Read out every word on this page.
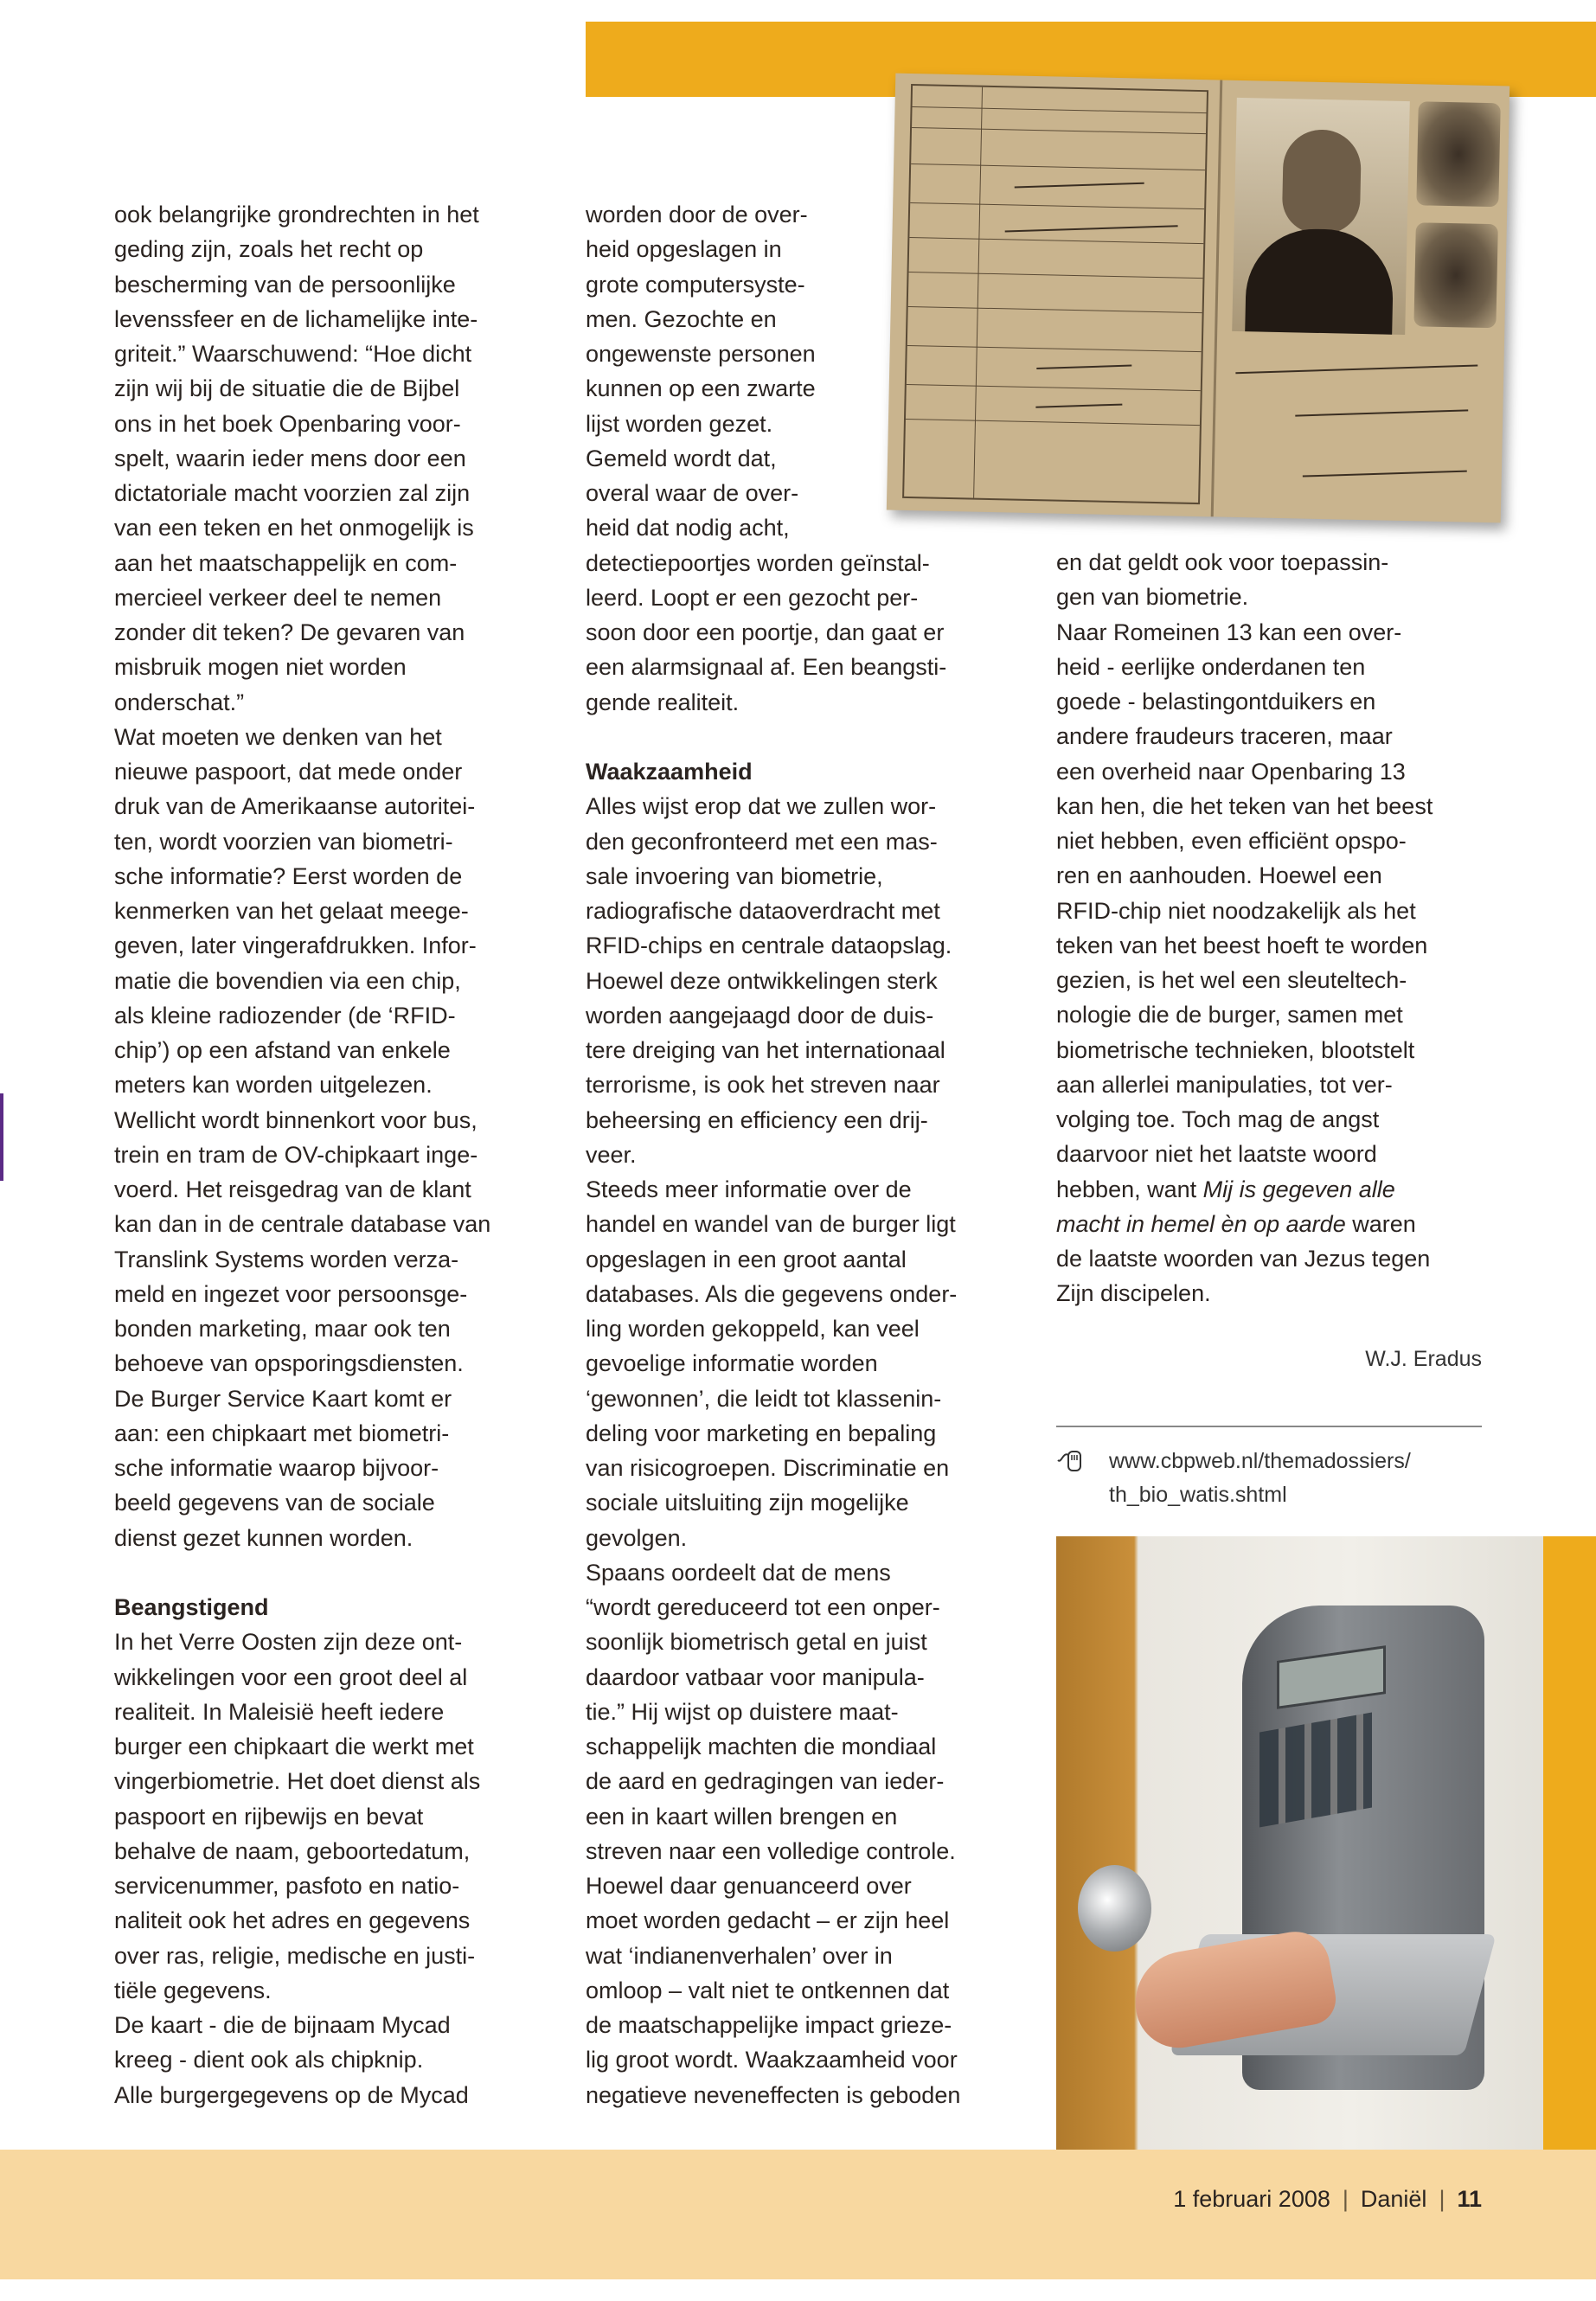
ook belangrijke grondrechten in het
geding zijn, zoals het recht op
bescherming van de persoonlijke
levenssfeer en de lichamelijke inte-
griteit.” Waarschuwend: “Hoe dicht
zijn wij bij de situatie die de Bijbel
ons in het boek Openbaring voor-
spelt, waarin ieder mens door een
dictatoriale macht voorzien zal zijn
van een teken en het onmogelijk is
aan het maatschappelijk en com-
mercieel verkeer deel te nemen
zonder dit teken? De gevaren van
misbruik mogen niet worden
onderschat.”
Wat moeten we denken van het
nieuwe paspoort, dat mede onder
druk van de Amerikaanse autoritei-
ten, wordt voorzien van biometri-
sche informatie? Eerst worden de
kenmerken van het gelaat meege-
geven, later vingerafdrukken. Infor-
matie die bovendien via een chip,
als kleine radiozender (de ‘RFID-
chip’) op een afstand van enkele
meters kan worden uitgelezen.
Wellicht wordt binnenkort voor bus,
trein en tram de OV-chipkaart inge-
voerd. Het reisgedrag van de klant
kan dan in de centrale database van
Translink Systems worden verza-
meld en ingezet voor persoonsge-
bonden marketing, maar ook ten
behoeve van opsporingsdiensten.
De Burger Service Kaart komt er
aan: een chipkaart met biometri-
sche informatie waarop bijvoor-
beeld gegevens van de sociale
dienst gezet kunnen worden.
Beangstigend
In het Verre Oosten zijn deze ont-
wikkelingen voor een groot deel al
realiteit. In Maleisië heeft iedere
burger een chipkaart die werkt met
vingerbiometrie. Het doet dienst als
paspoort en rijbewijs en bevat
behalve de naam, geboortedatum,
servicenummer, pasfoto en natio-
naliteit ook het adres en gegevens
over ras, religie, medische en justi-
tiële gegevens.
De kaart - die de bijnaam Mycad
kreeg - dient ook als chipknip.
Alle burgergegevens op de Mycad
worden door de over-
heid opgeslagen in
grote computersyste-
men. Gezochte en
ongewenste personen
kunnen op een zwarte
lijst worden gezet.
Gemeld wordt dat,
overal waar de over-
heid dat nodig acht,
detectiepoortjes worden geïnstal-
leerd. Loopt er een gezocht per-
soon door een poortje, dan gaat er
een alarmsignaal af. Een beangsti-
gende realiteit.
Waakzaamheid
Alles wijst erop dat we zullen wor-
den geconfronteerd met een mas-
sale invoering van biometrie,
radiografische dataoverdracht met
RFID-chips en centrale dataopslag.
Hoewel deze ontwikkelingen sterk
worden aangejaagd door de duis-
tere dreiging van het internationaal
terrorisme, is ook het streven naar
beheersing en efficiency een drij-
veer.
Steeds meer informatie over de
handel en wandel van de burger ligt
opgeslagen in een groot aantal
databases. Als die gegevens onder-
ling worden gekoppeld, kan veel
gevoelige informatie worden
‘gewonnen’, die leidt tot klassenin-
deling voor marketing en bepaling
van risicogroepen. Discriminatie en
sociale uitsluiting zijn mogelijke
gevolgen.
Spaans oordeelt dat de mens
“wordt gereduceerd tot een onper-
soonlijk biometrisch getal en juist
daardoor vatbaar voor manipula-
tie.” Hij wijst op duistere maat-
schappelijk machten die mondiaal
de aard en gedragingen van ieder-
een in kaart willen brengen en
streven naar een volledige controle.
Hoewel daar genuanceerd over
moet worden gedacht – er zijn heel
wat ‘indianenverhalen’ over in
omloop – valt niet te ontkennen dat
de maatschappelijke impact grieze-
lig groot wordt. Waakzaamheid voor
negatieve neveneffecten is geboden
en dat geldt ook voor toepassin-
gen van biometrie.
Naar Romeinen 13 kan een over-
heid - eerlijke onderdanen ten
goede - belastingontduikers en
andere fraudeurs traceren, maar
een overheid naar Openbaring 13
kan hen, die het teken van het beest
niet hebben, even efficiënt opspo-
ren en aanhouden. Hoewel een
RFID-chip niet noodzakelijk als het
teken van het beest hoeft te worden
gezien, is het wel een sleuteltech-
nologie die de burger, samen met
biometrische technieken, blootstelt
aan allerlei manipulaties, tot ver-
volging toe. Toch mag de angst
daarvoor niet het laatste woord
hebben, want Mij is gegeven alle
macht in hemel èn op aarde waren
de laatste woorden van Jezus tegen
Zijn discipelen.
W.J. Eradus
www.cbpweb.nl/themadossiers/
th_bio_watis.shtml
1 februari 2008 | Daniël | 11
